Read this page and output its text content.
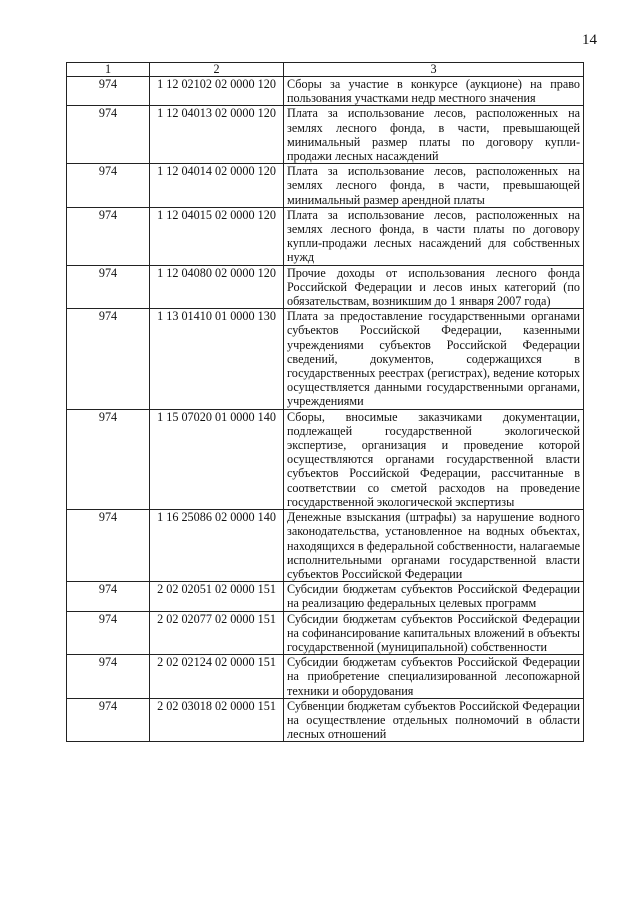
14
1	2	3
974	1 12 02102 02 0000 120	Сборы за участие в конкурсе (аукционе) на право пользования участками недр местного значения
974	1 12 04013 02 0000 120	Плата за использование лесов, расположенных на землях лесного фонда, в части, превышающей минимальный размер платы по договору купли-продажи лесных насаждений
974	1 12 04014 02 0000 120	Плата за использование лесов, расположенных на землях лесного фонда, в части, превышающей минимальный размер арендной платы
974	1 12 04015 02 0000 120	Плата за использование лесов, расположенных на землях лесного фонда, в части платы по договору купли-продажи лесных насаждений для собственных нужд
974	1 12 04080 02 0000 120	Прочие доходы от использования лесного фонда Российской Федерации и лесов иных категорий (по обязательствам, возникшим до 1 января 2007 года)
974	1 13 01410 01 0000 130	Плата за предоставление государственными органами субъектов Российской Федерации, казенными учреждениями субъектов Российской Федерации сведений, документов, содержащихся в государственных реестрах (регистрах), ведение которых осуществляется данными государственными органами, учреждениями
974	1 15 07020 01 0000 140	Сборы, вносимые заказчиками документации, подлежащей государственной экологической экспертизе, организация и проведение которой осуществляются органами государственной власти субъектов Российской Федерации, рассчитанные в соответствии со сметой расходов на проведение государственной экологической экспертизы
974	1 16 25086 02 0000 140	Денежные взыскания (штрафы) за нарушение водного законодательства, установленное на водных объектах, находящихся в федеральной собственности, налагаемые исполнительными органами государственной власти субъектов Российской Федерации
974	2 02 02051 02 0000 151	Субсидии бюджетам субъектов Российской Федерации на реализацию федеральных целевых программ
974	2 02 02077 02 0000 151	Субсидии бюджетам субъектов Российской Федерации на софинансирование капитальных вложений в объекты государственной (муниципальной) собственности
974	2 02 02124 02 0000 151	Субсидии бюджетам субъектов Российской Федерации на приобретение специализированной лесопожарной техники и оборудования
974	2 02 03018 02 0000 151	Субвенции бюджетам субъектов Российской Федерации на осуществление отдельных полномочий в области лесных отношений
